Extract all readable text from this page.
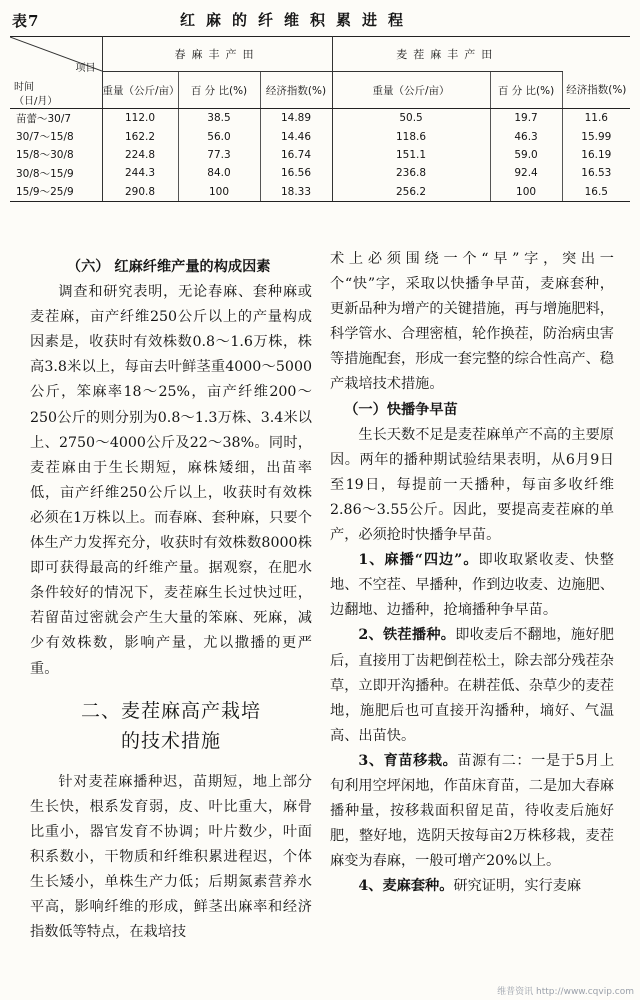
表7	红麻的纤维积累进程
项目
时间
（日/月）	春麻丰产田			麦茬麻丰产田		
	重量（公斤/亩）	百 分 比(%)	经济指数(%)	重量（公斤/亩）	百 分 比(%)	经济指数(%)
苗蕾～30/7	112.0	38.5	14.89	50.5	19.7	11.6
30/7～15/8	162.2	56.0	14.46	118.6	46.3	15.99
15/8～30/8	224.8	77.3	16.74	151.1	59.0	16.19
30/8～15/9	244.3	84.0	16.56	236.8	92.4	16.53
15/9～25/9	290.8	100	18.33	256.2	100	16.5

（六） 红麻纤维产量的构成因素

调查和研究表明，无论春麻、套种麻或麦茬麻，亩产纤维250公斤以上的产量构成因素是，收获时有效株数0.8～1.6万株，株高3.8米以上，每亩去叶鲜茎重4000～5000公斤，笨麻率18～25%，亩产纤维200～250公斤的则分别为0.8～1.3万株、3.4米以上、2750～4000公斤及22～38%。同时，麦茬麻由于生长期短，麻株矮细，出苗率低，亩产纤维250公斤以上，收获时有效株必须在1万株以上。而春麻、套种麻，只要个体生产力发挥充分，收获时有效株数8000株即可获得最高的纤维产量。据观察，在肥水条件较好的情况下，麦茬麻生长过快过旺，若留苗过密就会产生大量的笨麻、死麻，减少有效株数，影响产量，尤以撒播的更严重。

二、麦茬麻高产栽培
的技术措施

针对麦茬麻播种迟，苗期短，地上部分生长快，根系发育弱，皮、叶比重大，麻骨比重小，器官发育不协调；叶片数少，叶面积系数小，干物质和纤维积累进程迟，个体生长矮小，单株生产力低；后期氮素营养水平高，影响纤维的形成，鲜茎出麻率和经济指数低等特点，在栽培技

术上必须围绕一个“早”字，突出一个“快”字，采取以快播争早苗，麦麻套种，更新品种为增产的关键措施，再与增施肥料，科学管水、合理密植，轮作换茬，防治病虫害等措施配套，形成一套完整的综合性高产、稳产栽培技术措施。

（一）快播争早苗

生长天数不足是麦茬麻单产不高的主要原因。两年的播种期试验结果表明，从6月9日至19日，每提前一天播种，每亩多收纤维2.86～3.55公斤。因此，要提高麦茬麻的单产，必须抢时快播争早苗。

1、麻播“四边”。即收取紧收麦、快整地、不空茬、早播种，作到边收麦、边施肥、边翻地、边播种，抢墒播种争早苗。

2、铁茬播种。即收麦后不翻地，施好肥后，直接用丁齿耙倒茬松土，除去部分残茬杂草，立即开沟播种。在耕茬低、杂草少的麦茬地，施肥后也可直接开沟播种，墒好、气温高、出苗快。

3、育苗移栽。苗源有二：一是于5月上旬利用空坪闲地，作苗床育苗，二是加大春麻播种量，按移栽面积留足苗，待收麦后施好肥，整好地，选阴天按每亩2万株移栽，麦茬麻变为春麻，一般可增产20%以上。

4、麦麻套种。研究证明，实行麦麻

维普资讯 http://www.cqvip.com
